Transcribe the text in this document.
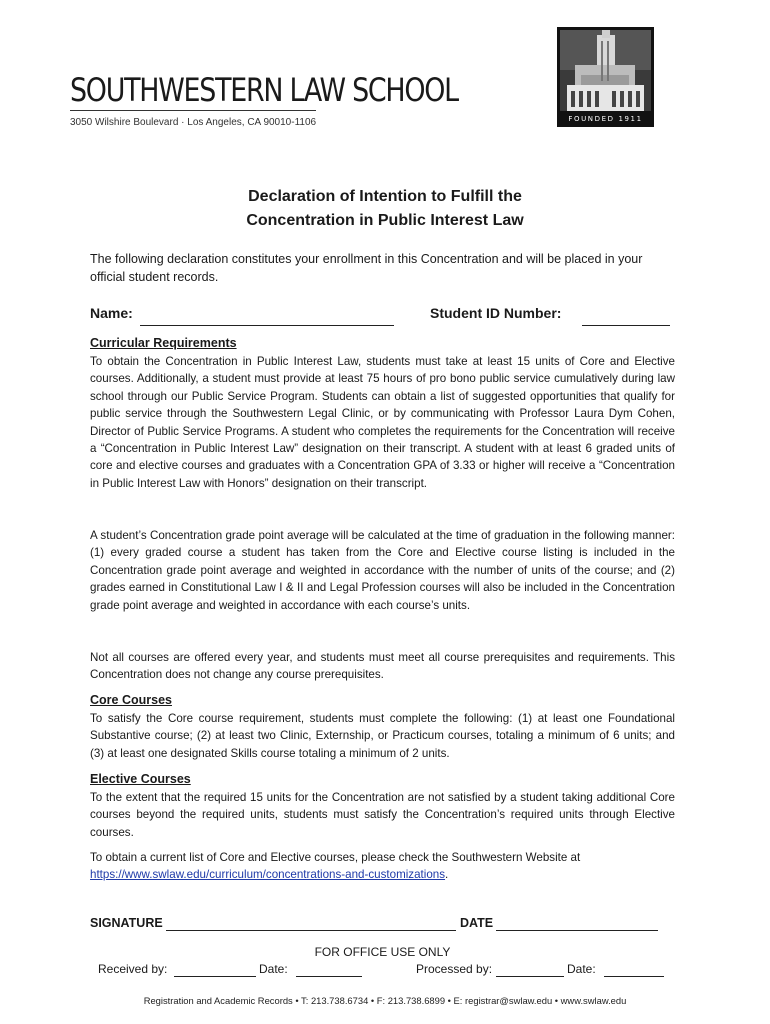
SOUTHWESTERN LAW SCHOOL
3050 Wilshire Boulevard · Los Angeles, CA 90010-1106	FOUNDED 1911
Declaration of Intention to Fulfill the
Concentration in Public Interest Law
The following declaration constitutes your enrollment in this Concentration and will be placed in your official student records.
Name:	Student ID Number:
Curricular Requirements
To obtain the Concentration in Public Interest Law, students must take at least 15 units of Core and Elective courses. Additionally, a student must provide at least 75 hours of pro bono public service cumulatively during law school through our Public Service Program. Students can obtain a list of suggested opportunities that qualify for public service through the Southwestern Legal Clinic, or by communicating with Professor Laura Dym Cohen, Director of Public Service Programs. A student who completes the requirements for the Concentration will receive a “Concentration in Public Interest Law” designation on their transcript. A student with at least 6 graded units of core and elective courses and graduates with a Concentration GPA of 3.33 or higher will receive a “Concentration in Public Interest Law with Honors” designation on their transcript.
A student’s Concentration grade point average will be calculated at the time of graduation in the following manner: (1) every graded course a student has taken from the Core and Elective course listing is included in the Concentration grade point average and weighted in accordance with the number of units of the course; and (2) grades earned in Constitutional Law I & II and Legal Profession courses will also be included in the Concentration grade point average and weighted in accordance with each course’s units.
Not all courses are offered every year, and students must meet all course prerequisites and requirements. This Concentration does not change any course prerequisites.
Core Courses
To satisfy the Core course requirement, students must complete the following: (1) at least one Foundational Substantive course; (2) at least two Clinic, Externship, or Practicum courses, totaling a minimum of 6 units; and (3) at least one designated Skills course totaling a minimum of 2 units.
Elective Courses
To the extent that the required 15 units for the Concentration are not satisfied by a student taking additional Core courses beyond the required units, students must satisfy the Concentration’s required units through Elective courses.
To obtain a current list of Core and Elective courses, please check the Southwestern Website at
https://www.swlaw.edu/curriculum/concentrations-and-customizations.
SIGNATURE	DATE
FOR OFFICE USE ONLY
Received by:	Date:	Processed by:	Date:
Registration and Academic Records • T: 213.738.6734 • F: 213.738.6899 • E: registrar@swlaw.edu • www.swlaw.edu
